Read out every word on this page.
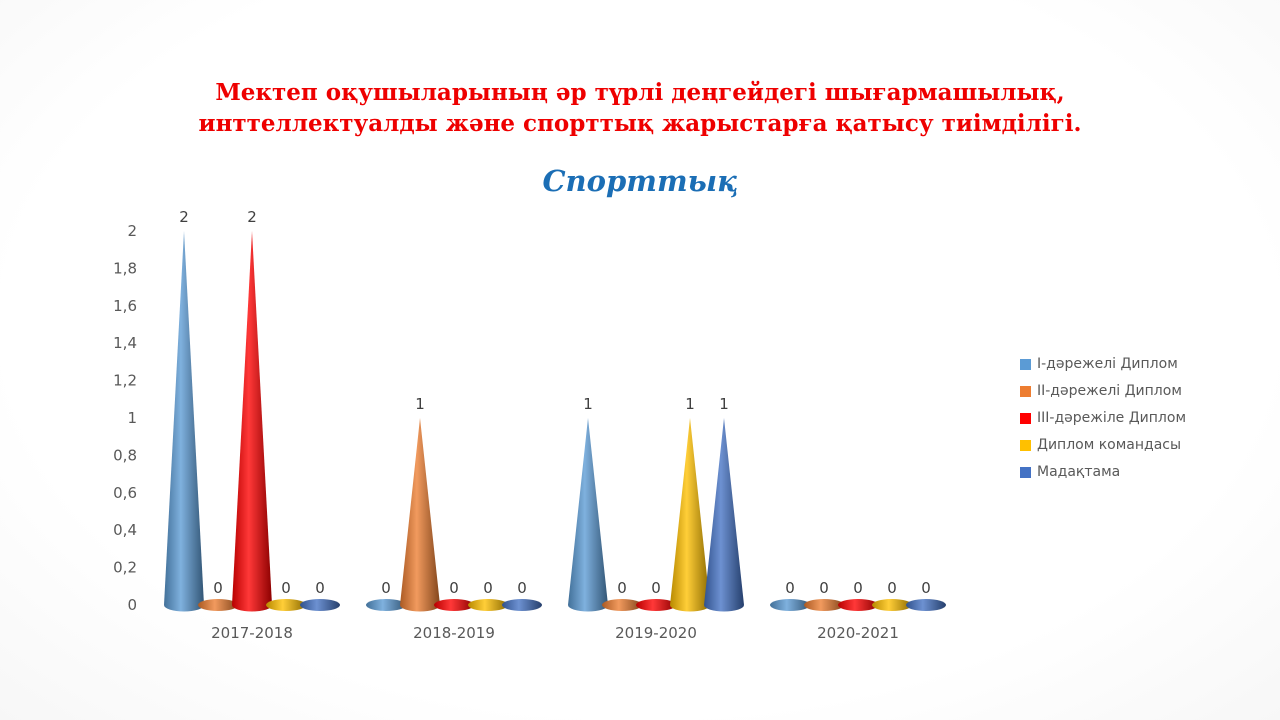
Мектеп оқушыларының әр түрлі деңгейдегі шығармашылық, инттеллектуалды және спорттық жарыстарға қатысу тиімділігі.
Спорттық
0
0,2
0,4
0,6
0,8
1
1,2
1,4
1,6
1,8
2
2017-2018	2018-2019	2019-2020	2020-2021
2
0
2
0 0	0
1
0 0 0
1
0 0
1 1
0 0 0 0 0
І-дәрежелі Диплом
ІІ-дәрежелі Диплом
ІІІ-дәрежіле Диплом
Диплом командасы
Мадақтама
